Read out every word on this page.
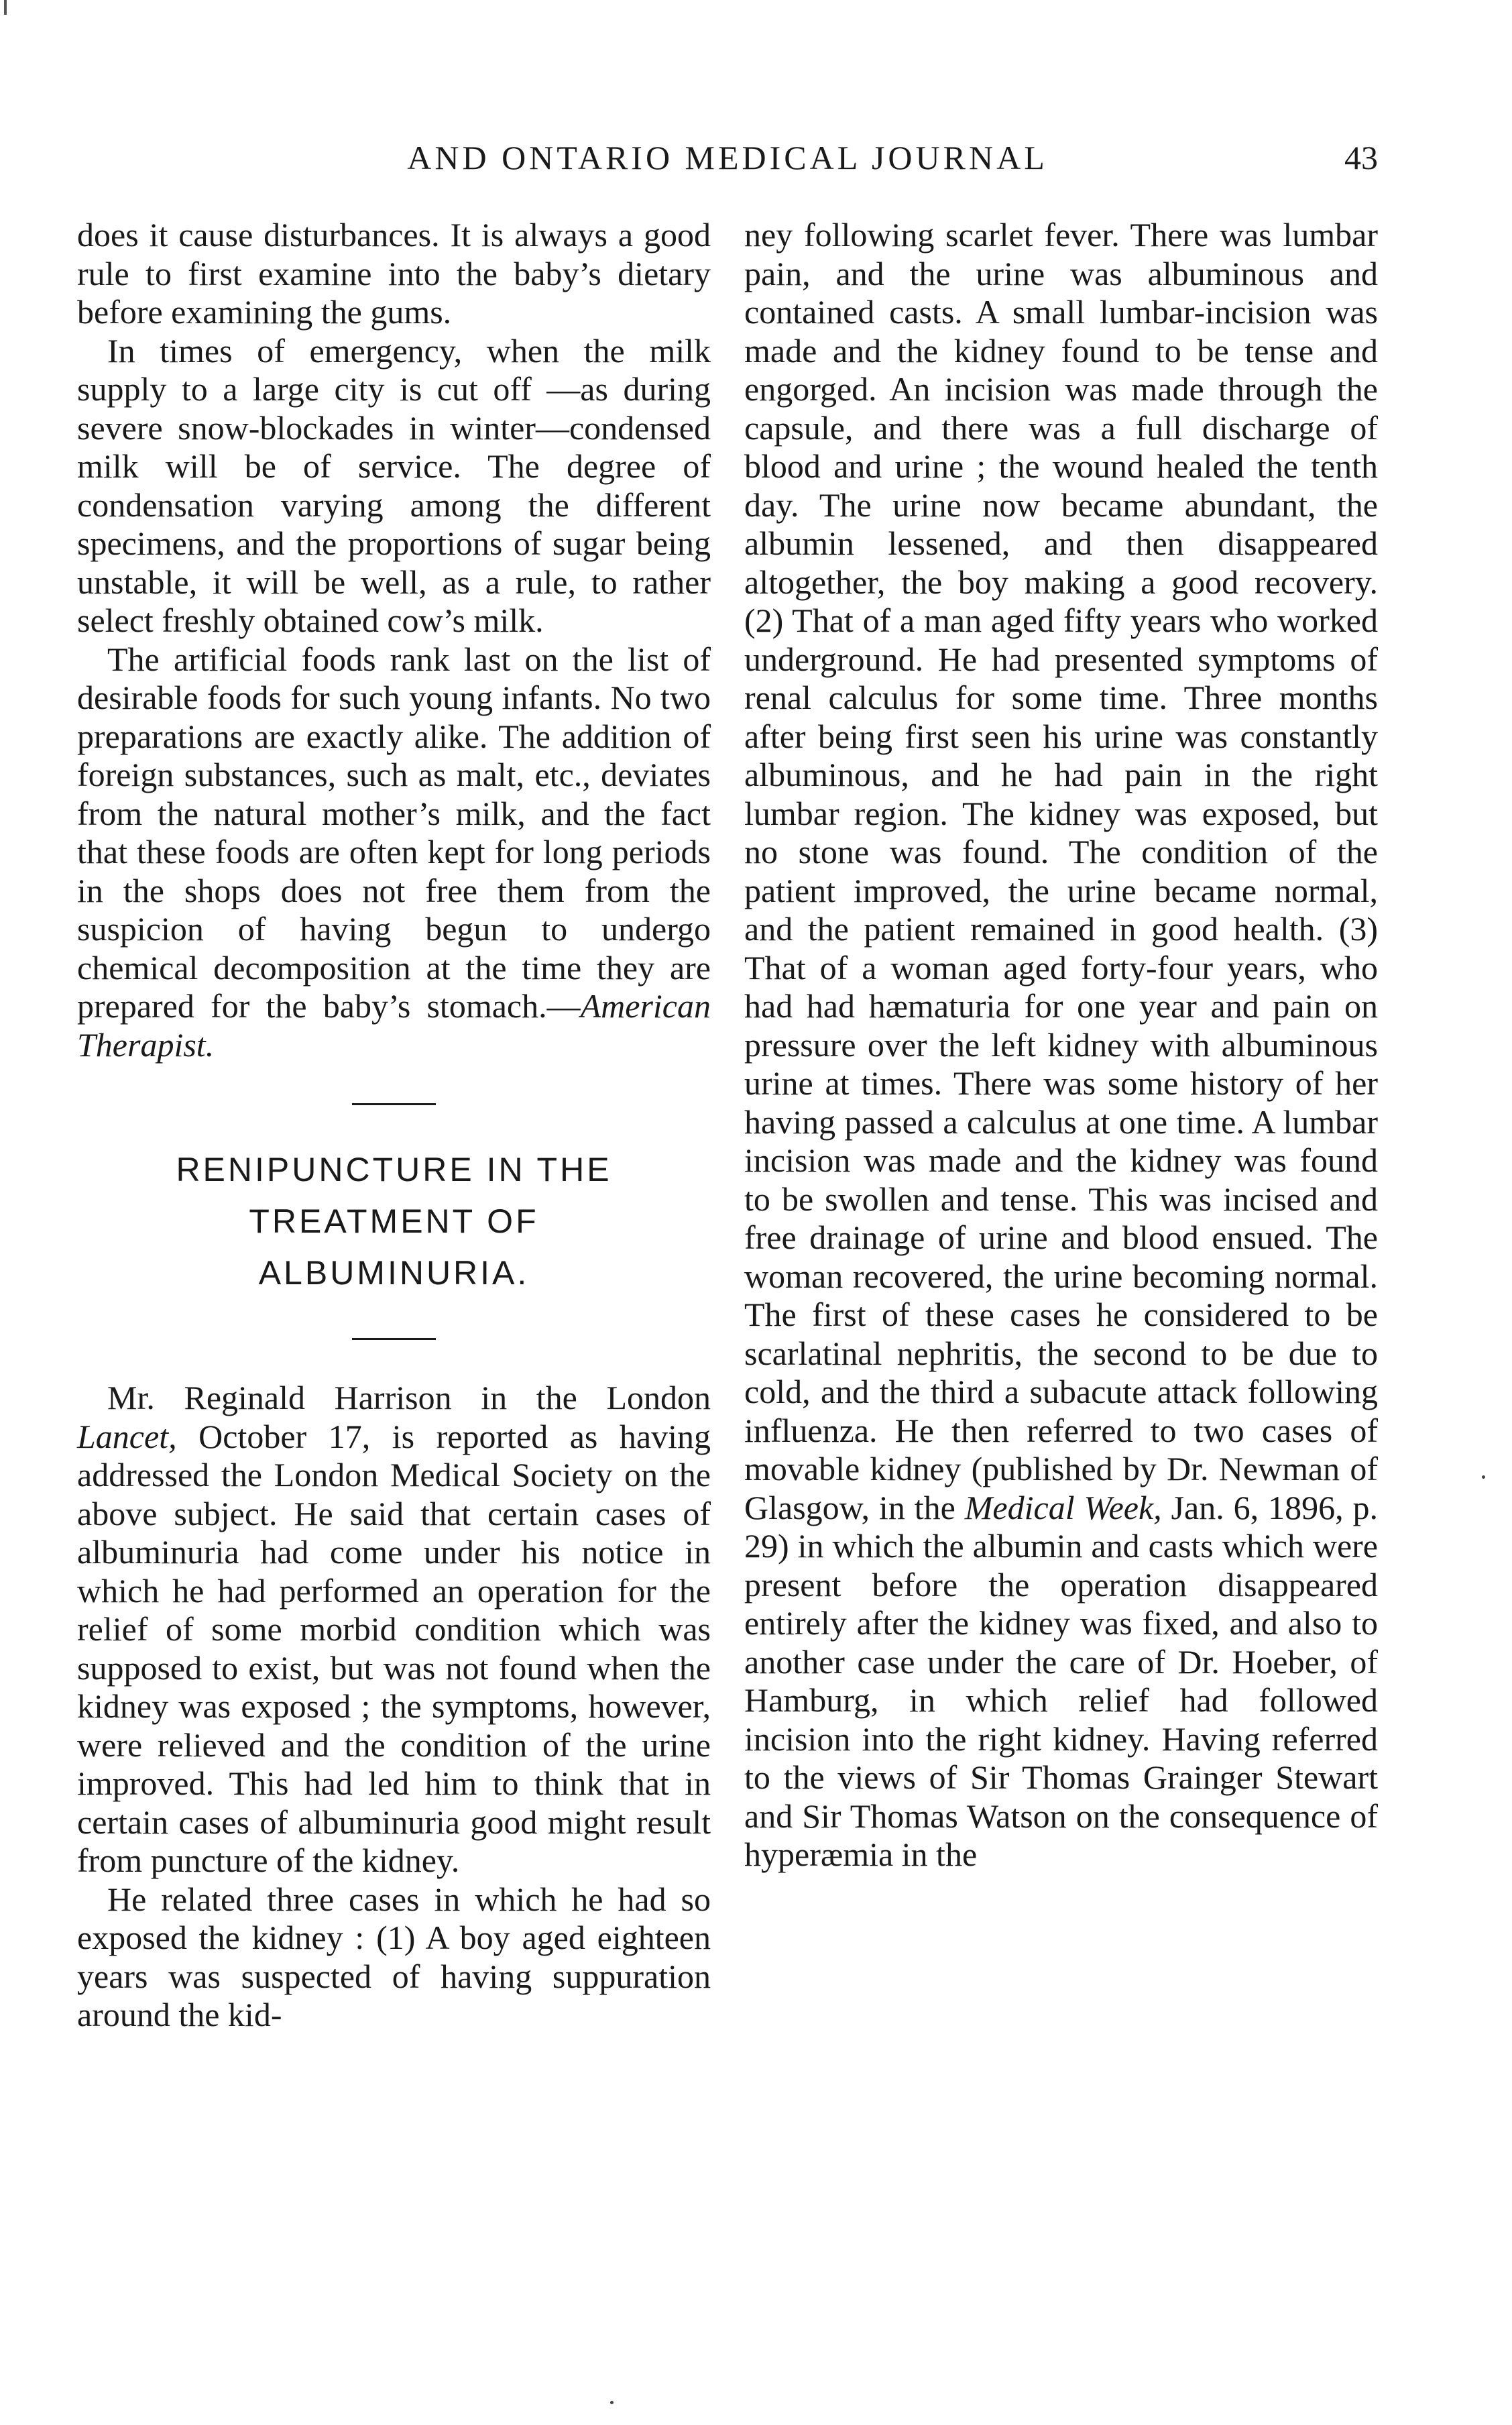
AND ONTARIO MEDICAL JOURNAL	43

does it cause disturbances. It is always a good rule to first examine into the baby’s dietary before examining the gums.

In times of emergency, when the milk supply to a large city is cut off —as during severe snow-blockades in winter—condensed milk will be of service. The degree of condensation varying among the different specimens, and the proportions of sugar being unstable, it will be well, as a rule, to rather select freshly obtained cow’s milk.

The artificial foods rank last on the list of desirable foods for such young infants. No two preparations are exactly alike. The addition of foreign substances, such as malt, etc., deviates from the natural mother’s milk, and the fact that these foods are often kept for long periods in the shops does not free them from the suspicion of having begun to undergo chemical decomposition at the time they are prepared for the baby’s stomach.—American Therapist.

RENIPUNCTURE IN THE
TREATMENT OF
ALBUMINURIA.

Mr. Reginald Harrison in the London Lancet, October 17, is reported as having addressed the London Medical Society on the above subject. He said that certain cases of albuminuria had come under his notice in which he had performed an operation for the relief of some morbid condition which was supposed to exist, but was not found when the kidney was exposed ; the symptoms, however, were relieved and the condition of the urine improved. This had led him to think that in certain cases of albuminuria good might result from puncture of the kidney.

He related three cases in which he had so exposed the kidney : (1) A boy aged eighteen years was suspected of having suppuration around the kid-

ney following scarlet fever. There was lumbar pain, and the urine was albuminous and contained casts. A small lumbar-incision was made and the kidney found to be tense and engorged. An incision was made through the capsule, and there was a full discharge of blood and urine ; the wound healed the tenth day. The urine now became abundant, the albumin lessened, and then disappeared altogether, the boy making a good recovery. (2) That of a man aged fifty years who worked underground. He had presented symptoms of renal calculus for some time. Three months after being first seen his urine was constantly albuminous, and he had pain in the right lumbar region. The kidney was exposed, but no stone was found. The condition of the patient improved, the urine became normal, and the patient remained in good health. (3) That of a woman aged forty-four years, who had had hæmaturia for one year and pain on pressure over the left kidney with albuminous urine at times. There was some history of her having passed a calculus at one time. A lumbar incision was made and the kidney was found to be swollen and tense. This was incised and free drainage of urine and blood ensued. The woman recovered, the urine becoming normal. The first of these cases he considered to be scarlatinal nephritis, the second to be due to cold, and the third a subacute attack following influenza. He then referred to two cases of movable kidney (published by Dr. Newman of Glasgow, in the Medical Week, Jan. 6, 1896, p. 29) in which the albumin and casts which were present before the operation disappeared entirely after the kidney was fixed, and also to another case under the care of Dr. Hoeber, of Hamburg, in which relief had followed incision into the right kidney. Having referred to the views of Sir Thomas Grainger Stewart and Sir Thomas Watson on the consequence of hyperæmia in the
